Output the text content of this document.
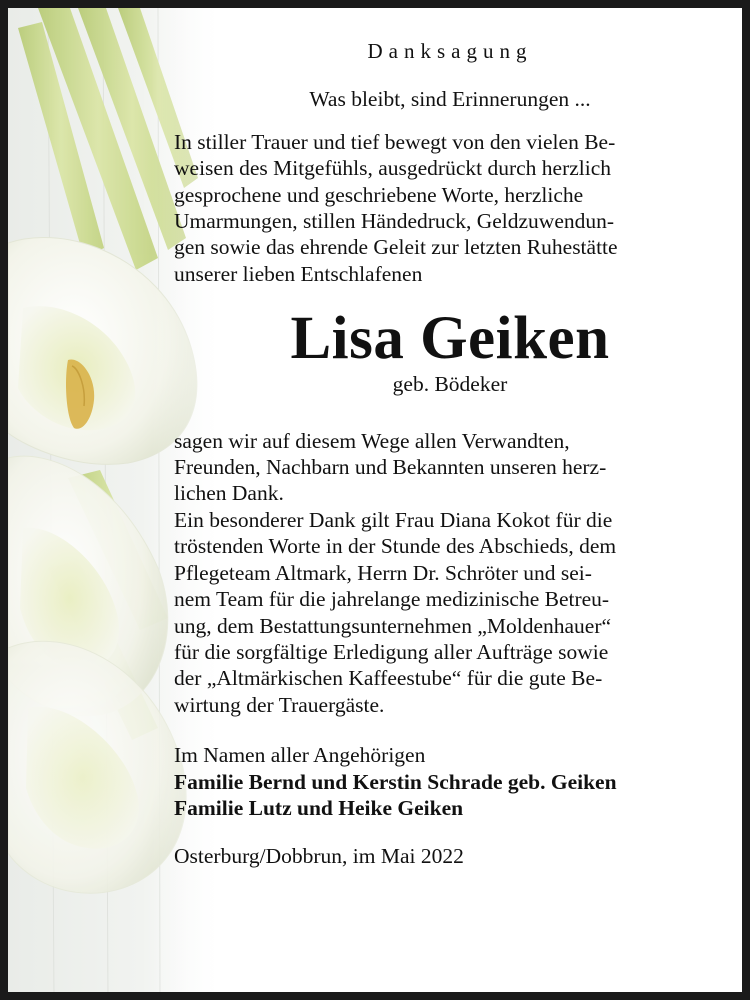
Danksagung

Was bleibt, sind Erinnerungen ...

In stiller Trauer und tief bewegt von den vielen Be-
weisen des Mitgefühls, ausgedrückt durch herzlich
gesprochene und geschriebene Worte, herzliche
Umarmungen, stillen Händedruck, Geldzuwendun-
gen sowie das ehrende Geleit zur letzten Ruhestätte
unserer lieben Entschlafenen

Lisa Geiken

geb. Bödeker

sagen wir auf diesem Wege allen Verwandten,
Freunden, Nachbarn und Bekannten unseren herz-
lichen Dank.
Ein besonderer Dank gilt Frau Diana Kokot für die
tröstenden Worte in der Stunde des Abschieds, dem
Pflegeteam Altmark, Herrn Dr. Schröter und sei-
nem Team für die jahrelange medizinische Betreu-
ung, dem Bestattungsunternehmen „Moldenhauer“
für die sorgfältige Erledigung aller Aufträge sowie
der „Altmärkischen Kaffeestube“ für die gute Be-
wirtung der Trauergäste.

Im Namen aller Angehörigen

Familie Bernd und Kerstin Schrade geb. Geiken
Familie Lutz und Heike Geiken

Osterburg/Dobbrun, im Mai 2022
